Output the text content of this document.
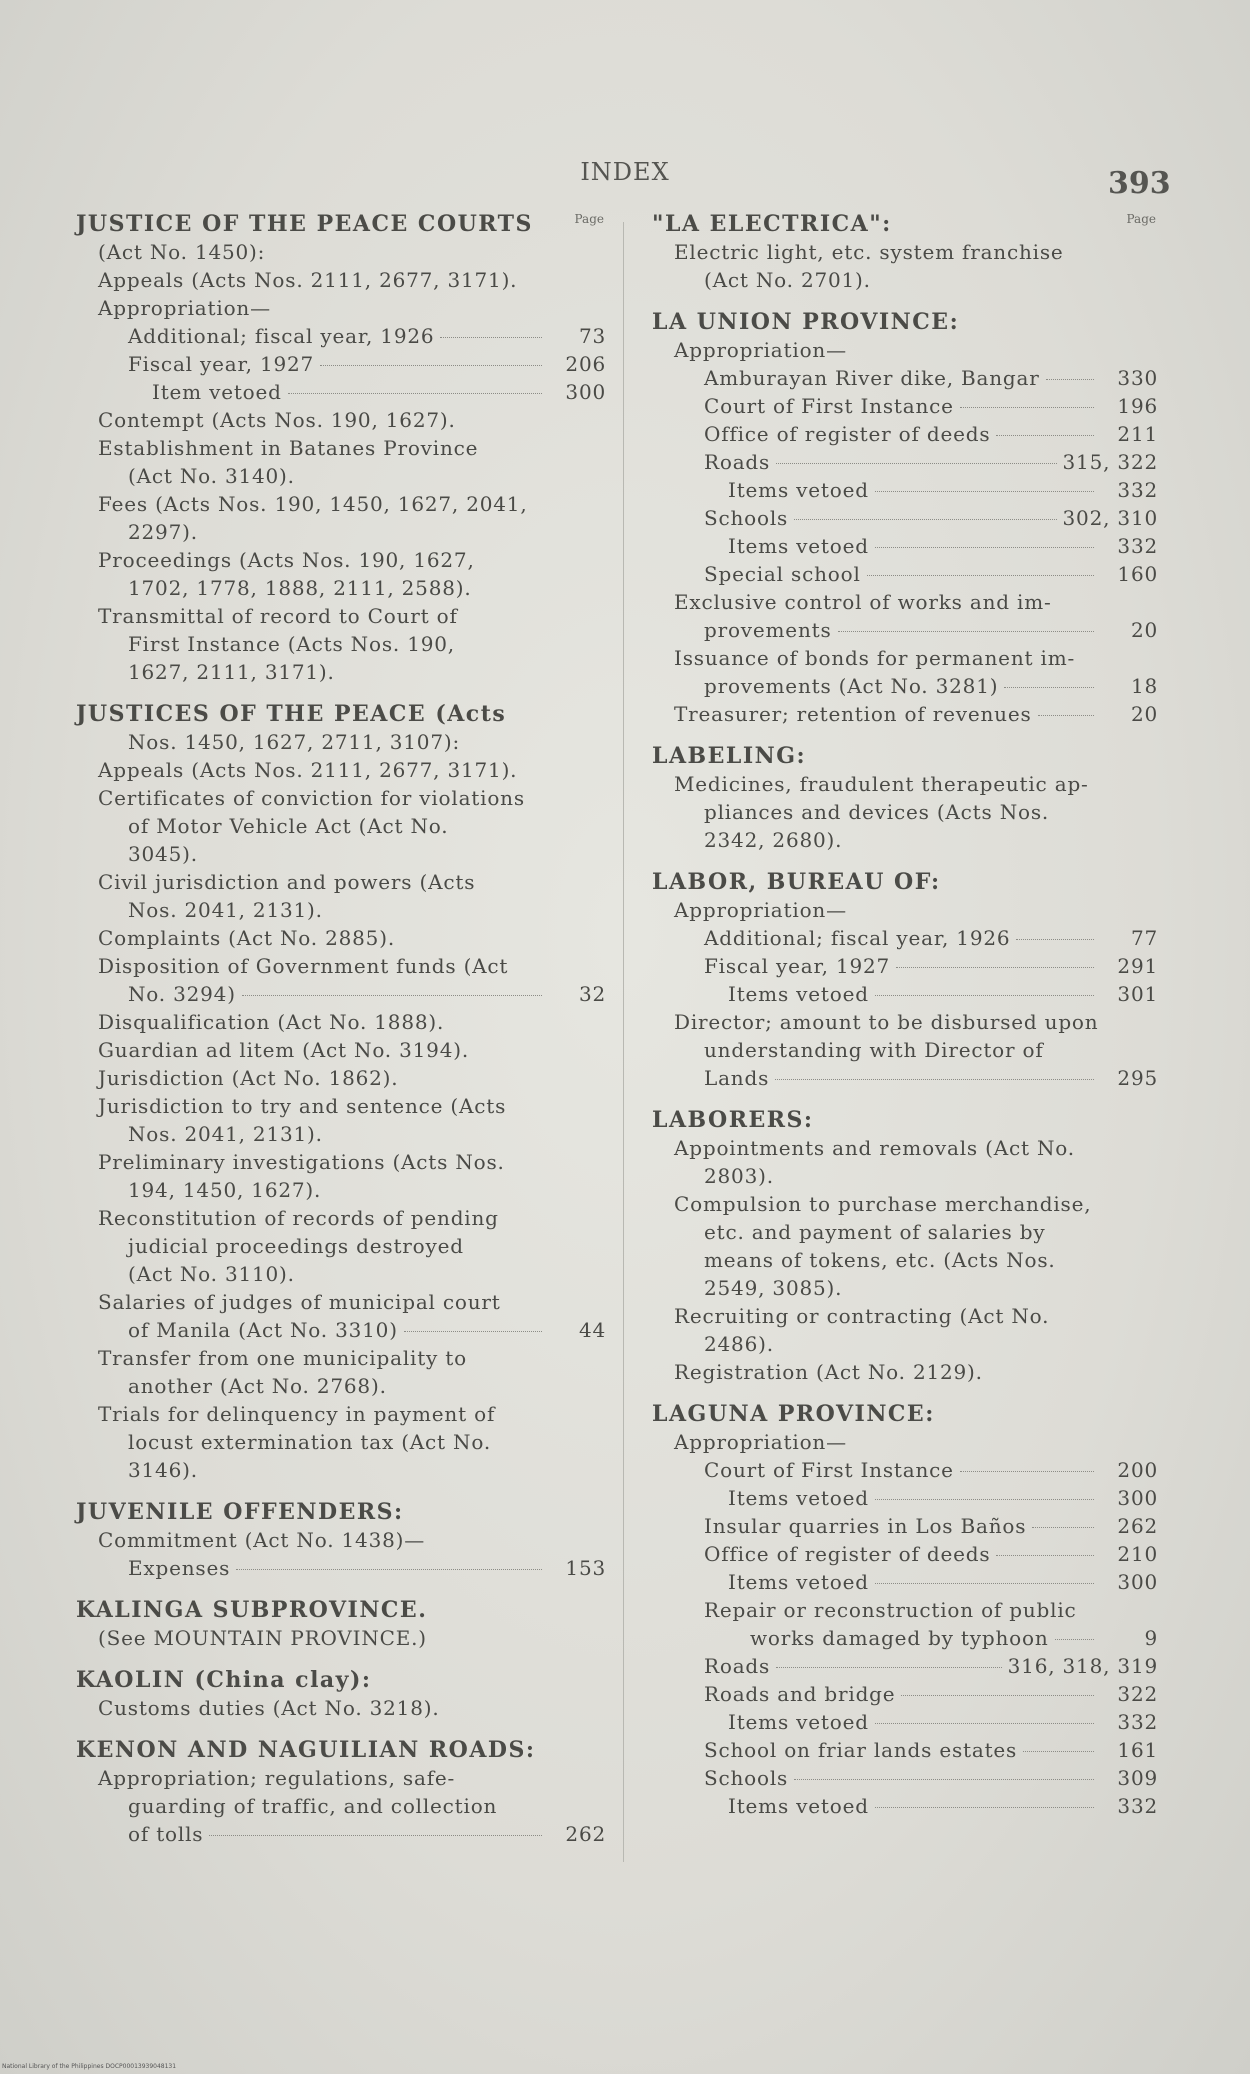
INDEX	393
JUSTICE OF THE PEACE COURTS	Page
(Act No. 1450):
Appeals (Acts Nos. 2111, 2677, 3171).
Appropriation—
Additional; fiscal year, 1926	73
Fiscal year, 1927	206
Item vetoed	300
Contempt (Acts Nos. 190, 1627).
Establishment in Batanes Province
(Act No. 3140).
Fees (Acts Nos. 190, 1450, 1627, 2041,
2297).
Proceedings (Acts Nos. 190, 1627,
1702, 1778, 1888, 2111, 2588).
Transmittal of record to Court of
First Instance (Acts Nos. 190,
1627, 2111, 3171).
JUSTICES OF THE PEACE (Acts
Nos. 1450, 1627, 2711, 3107):
Appeals (Acts Nos. 2111, 2677, 3171).
Certificates of conviction for violations
of Motor Vehicle Act (Act No.
3045).
Civil jurisdiction and powers (Acts
Nos. 2041, 2131).
Complaints (Act No. 2885).
Disposition of Government funds (Act
No. 3294)	32
Disqualification (Act No. 1888).
Guardian ad litem (Act No. 3194).
Jurisdiction (Act No. 1862).
Jurisdiction to try and sentence (Acts
Nos. 2041, 2131).
Preliminary investigations (Acts Nos.
194, 1450, 1627).
Reconstitution of records of pending
judicial proceedings destroyed
(Act No. 3110).
Salaries of judges of municipal court
of Manila (Act No. 3310)	44
Transfer from one municipality to
another (Act No. 2768).
Trials for delinquency in payment of
locust extermination tax (Act No.
3146).
JUVENILE OFFENDERS:
Commitment (Act No. 1438)—
Expenses	153
KALINGA SUBPROVINCE.
(See MOUNTAIN PROVINCE.)
KAOLIN (China clay):
Customs duties (Act No. 3218).
KENON AND NAGUILIAN ROADS:
Appropriation; regulations, safe-
guarding of traffic, and collection
of tolls	262
"LA ELECTRICA":	Page
Electric light, etc. system franchise
(Act No. 2701).
LA UNION PROVINCE:
Appropriation—
Amburayan River dike, Bangar	330
Court of First Instance	196
Office of register of deeds	211
Roads	315, 322
Items vetoed	332
Schools	302, 310
Items vetoed	332
Special school	160
Exclusive control of works and im-
provements	20
Issuance of bonds for permanent im-
provements (Act No. 3281)	18
Treasurer; retention of revenues	20
LABELING:
Medicines, fraudulent therapeutic ap-
pliances and devices (Acts Nos.
2342, 2680).
LABOR, BUREAU OF:
Appropriation—
Additional; fiscal year, 1926	77
Fiscal year, 1927	291
Items vetoed	301
Director; amount to be disbursed upon
understanding with Director of
Lands	295
LABORERS:
Appointments and removals (Act No.
2803).
Compulsion to purchase merchandise,
etc. and payment of salaries by
means of tokens, etc. (Acts Nos.
2549, 3085).
Recruiting or contracting (Act No.
2486).
Registration (Act No. 2129).
LAGUNA PROVINCE:
Appropriation—
Court of First Instance	200
Items vetoed	300
Insular quarries in Los Baños	262
Office of register of deeds	210
Items vetoed	300
Repair or reconstruction of public
works damaged by typhoon	9
Roads	316, 318, 319
Roads and bridge	322
Items vetoed	332
School on friar lands estates	161
Schools	309
Items vetoed	332
National Library of the Philippines DOCP00013939048131
